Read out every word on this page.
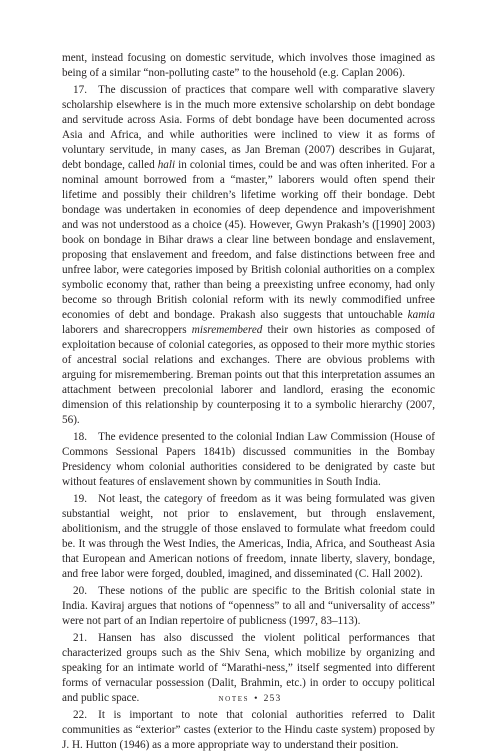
ment, instead focusing on domestic servitude, which involves those imagined as being of a similar “non-polluting caste” to the household (e.g. Caplan 2006).

17. The discussion of practices that compare well with comparative slavery scholarship elsewhere is in the much more extensive scholarship on debt bondage and servitude across Asia. Forms of debt bondage have been documented across Asia and Africa, and while authorities were inclined to view it as forms of voluntary servitude, in many cases, as Jan Breman (2007) describes in Gujarat, debt bondage, called hali in colonial times, could be and was often inherited. For a nominal amount borrowed from a “master,” laborers would often spend their lifetime and possibly their children’s lifetime working off their bondage. Debt bondage was undertaken in economies of deep dependence and impoverishment and was not understood as a choice (45). However, Gwyn Prakash’s ([1990] 2003) book on bondage in Bihar draws a clear line between bondage and enslavement, proposing that enslavement and freedom, and false distinctions between free and unfree labor, were categories imposed by British colonial authorities on a complex symbolic economy that, rather than being a preexisting unfree economy, had only become so through British colonial reform with its newly commodified unfree economies of debt and bondage. Prakash also suggests that untouchable kamia laborers and sharecroppers misremembered their own histories as composed of exploitation because of colonial categories, as opposed to their more mythic stories of ancestral social relations and exchanges. There are obvious problems with arguing for misremembering. Breman points out that this interpretation assumes an attachment between precolonial laborer and landlord, erasing the economic dimension of this relationship by counterposing it to a symbolic hierarchy (2007, 56).

18. The evidence presented to the colonial Indian Law Commission (House of Commons Sessional Papers 1841b) discussed communities in the Bombay Presidency whom colonial authorities considered to be denigrated by caste but without features of enslavement shown by communities in South India.

19. Not least, the category of freedom as it was being formulated was given substantial weight, not prior to enslavement, but through enslavement, abolitionism, and the struggle of those enslaved to formulate what freedom could be. It was through the West Indies, the Americas, India, Africa, and Southeast Asia that European and American notions of freedom, innate liberty, slavery, bondage, and free labor were forged, doubled, imagined, and disseminated (C. Hall 2002).

20. These notions of the public are specific to the British colonial state in India. Kaviraj argues that notions of “openness” to all and “universality of access” were not part of an Indian repertoire of publicness (1997, 83–113).

21. Hansen has also discussed the violent political performances that characterized groups such as the Shiv Sena, which mobilize by organizing and speaking for an intimate world of “Marathi-ness,” itself segmented into different forms of vernacular possession (Dalit, Brahmin, etc.) in order to occupy political and public space.

22. It is important to note that colonial authorities referred to Dalit communities as “exterior” castes (exterior to the Hindu caste system) proposed by J. H. Hutton (1946) as a more appropriate way to understand their position.

notes • 253
